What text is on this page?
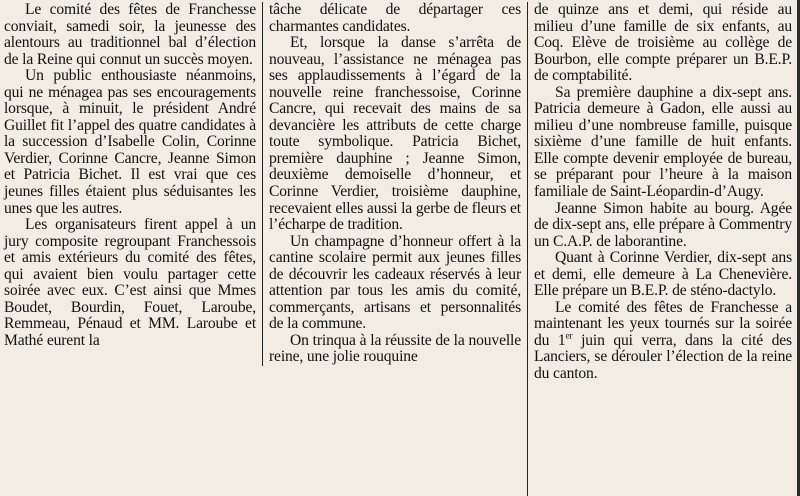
Le comité des fêtes de Franchesse conviait, samedi soir, la jeunesse des alentours au traditionnel bal d’élection de la Reine qui connut un succès moyen.

Un public enthousiaste néanmoins, qui ne ménagea pas ses encouragements lorsque, à minuit, le président André Guillet fit l’appel des quatre candidates à la succession d’Isabelle Colin, Corinne Verdier, Corinne Cancre, Jeanne Simon et Patricia Bichet. Il est vrai que ces jeunes filles étaient plus séduisantes les unes que les autres.

Les organisateurs firent appel à un jury composite regroupant Franchessois et amis extérieurs du comité des fêtes, qui avaient bien voulu partager cette soirée avec eux. C’est ainsi que Mmes Boudet, Bourdin, Fouet, Laroube, Remmeau, Pénaud et MM. Laroube et Mathé eurent la

tâche délicate de départager ces charmantes candidates.

Et, lorsque la danse s’arrêta de nouveau, l’assistance ne ménagea pas ses applaudissements à l’égard de la nouvelle reine franchessoise, Corinne Cancre, qui recevait des mains de sa devancière les attributs de cette charge toute symbolique. Patricia Bichet, première dauphine ; Jeanne Simon, deuxième demoiselle d’honneur, et Corinne Verdier, troisième dauphine, recevaient elles aussi la gerbe de fleurs et l’écharpe de tradition.

Un champagne d’honneur offert à la cantine scolaire permit aux jeunes filles de découvrir les cadeaux réservés à leur attention par tous les amis du comité, commerçants, artisans et personnalités de la commune.

On trinqua à la réussite de la nouvelle reine, une jolie rouquine

de quinze ans et demi, qui réside au milieu d’une famille de six enfants, au Coq. Elève de troisième au collège de Bourbon, elle compte préparer un B.E.P. de comptabilité.

Sa première dauphine a dix-sept ans. Patricia demeure à Gadon, elle aussi au milieu d’une nombreuse famille, puisque sixième d’une famille de huit enfants. Elle compte devenir employée de bureau, se préparant pour l’heure à la maison familiale de Saint-Léopardin-d’Augy.

Jeanne Simon habite au bourg. Agée de dix-sept ans, elle prépare à Commentry un C.A.P. de laborantine.

Quant à Corinne Verdier, dix-sept ans et demi, elle demeure à La Chenevière. Elle prépare un B.E.P. de sténo-dactylo.

Le comité des fêtes de Franchesse a maintenant les yeux tournés sur la soirée du 1er juin qui verra, dans la cité des Lanciers, se dérouler l’élection de la reine du canton.
